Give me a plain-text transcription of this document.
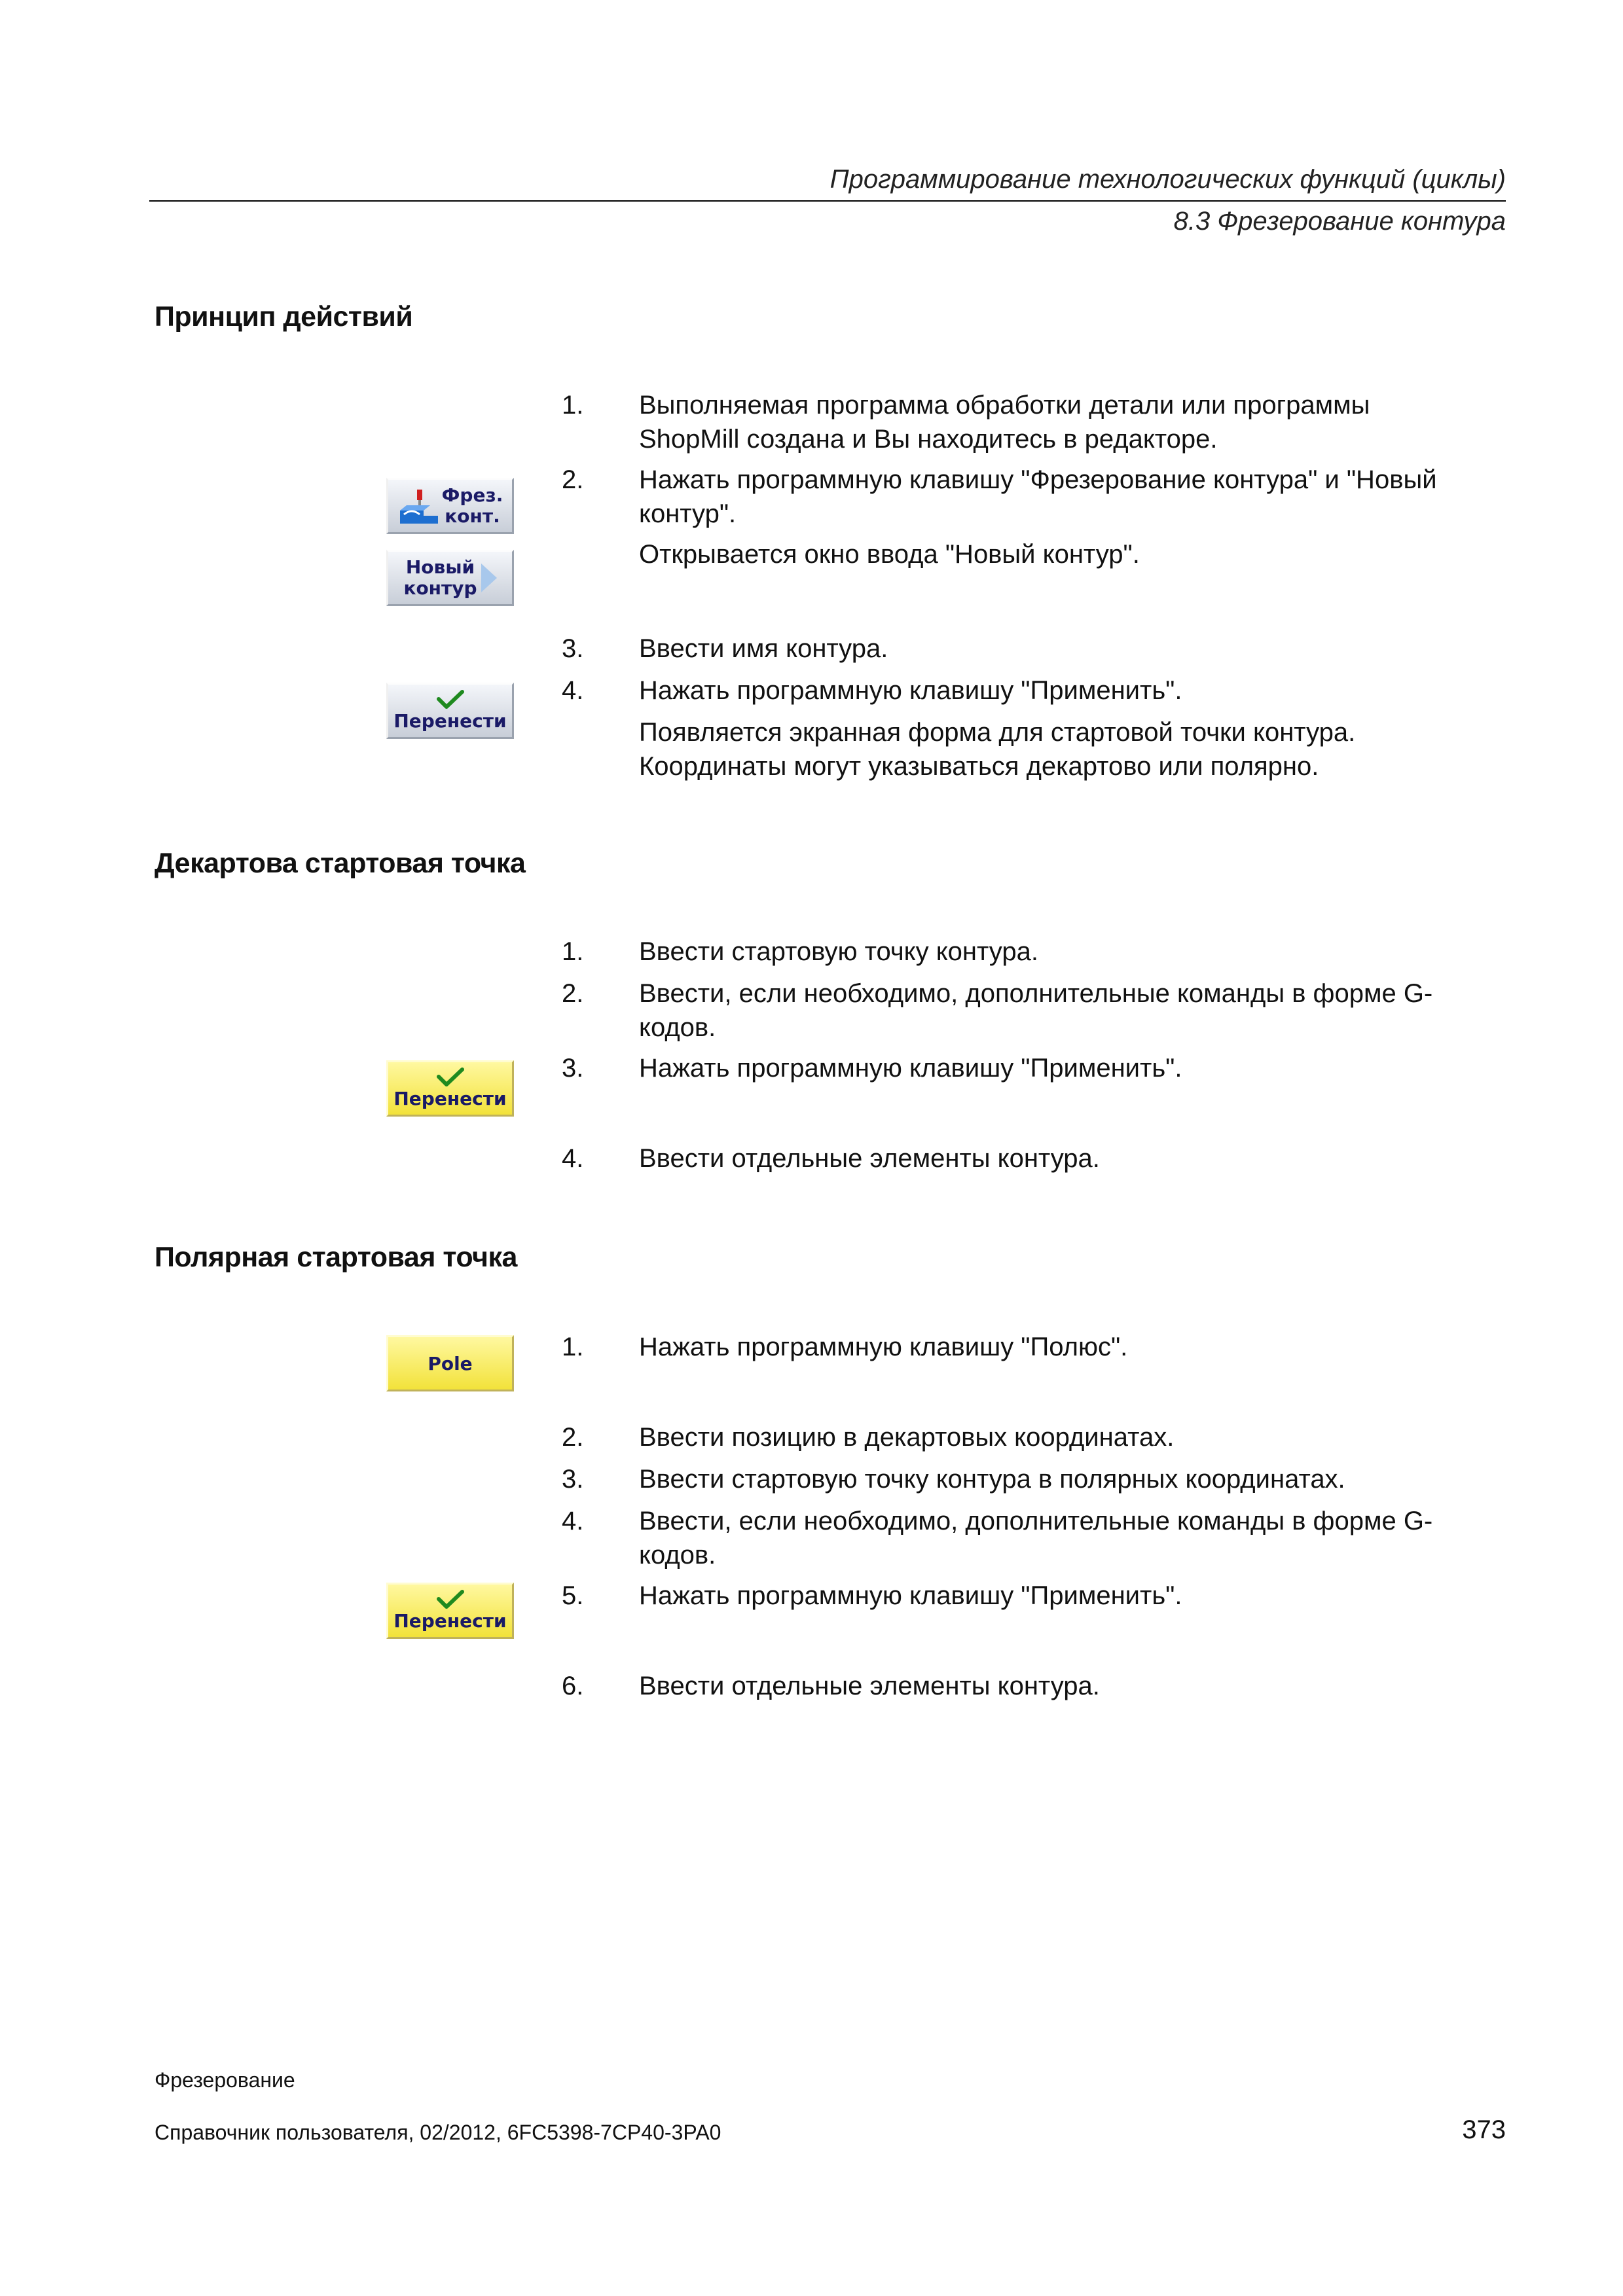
Программирование технологических функций (циклы)
8.3 Фрезерование контура
Принцип действий
1. Выполняемая программа обработки детали или программы
ShopMill создана и Вы находитесь в редакторе.
2. Нажать программную клавишу "Фрезерование контура" и "Новый
контур".
Открывается окно ввода "Новый контур".
3. Ввести имя контура.
4. Нажать программную клавишу "Применить".
Появляется экранная форма для стартовой точки контура.
Координаты могут указываться декартово или полярно.
Фрез.
конт.
Новый
контур
Перенести
Декартова стартовая точка
1. Ввести стартовую точку контура.
2. Ввести, если необходимо, дополнительные команды в форме G-
кодов.
3. Нажать программную клавишу "Применить".
4. Ввести отдельные элементы контура.
Перенести
Полярная стартовая точка
1. Нажать программную клавишу "Полюс".
2. Ввести позицию в декартовых координатах.
3. Ввести стартовую точку контура в полярных координатах.
4. Ввести, если необходимо, дополнительные команды в форме G-
кодов.
5. Нажать программную клавишу "Применить".
6. Ввести отдельные элементы контура.
Pole
Перенести
Фрезерование
Справочник пользователя, 02/2012, 6FC5398-7CP40-3PA0	373
